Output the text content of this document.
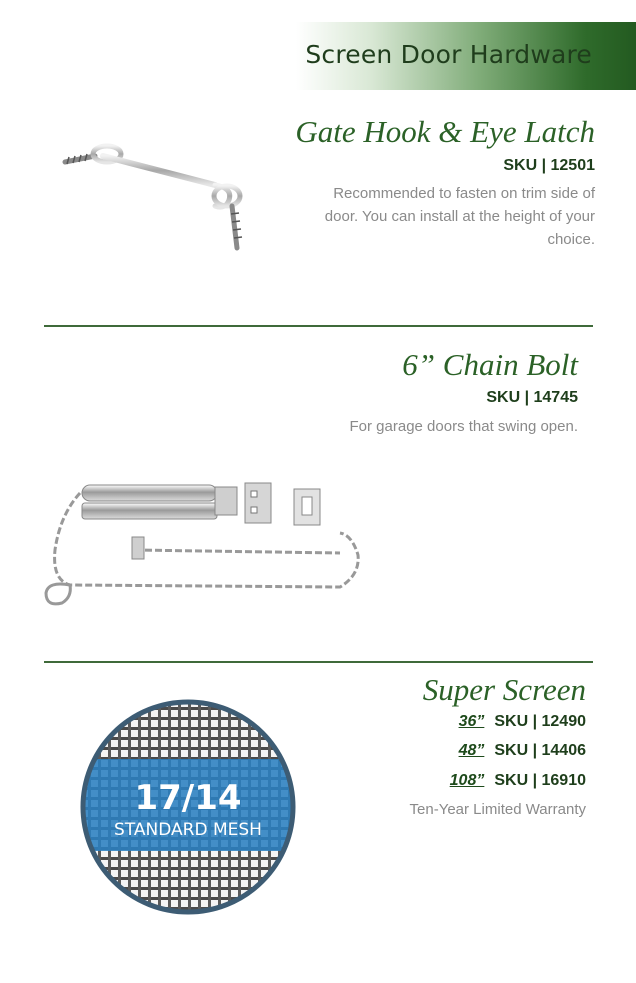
Screen Door Hardware
Gate Hook & Eye Latch
SKU | 12501
Recommended to fasten on trim side of
door. You can install at the height of your
choice.
6” Chain Bolt
SKU | 14745
For garage doors that swing open.
17/14
STANDARD MESH
Super Screen
36” SKU | 12490
48” SKU | 14406
108” SKU | 16910
Ten-Year Limited Warranty
